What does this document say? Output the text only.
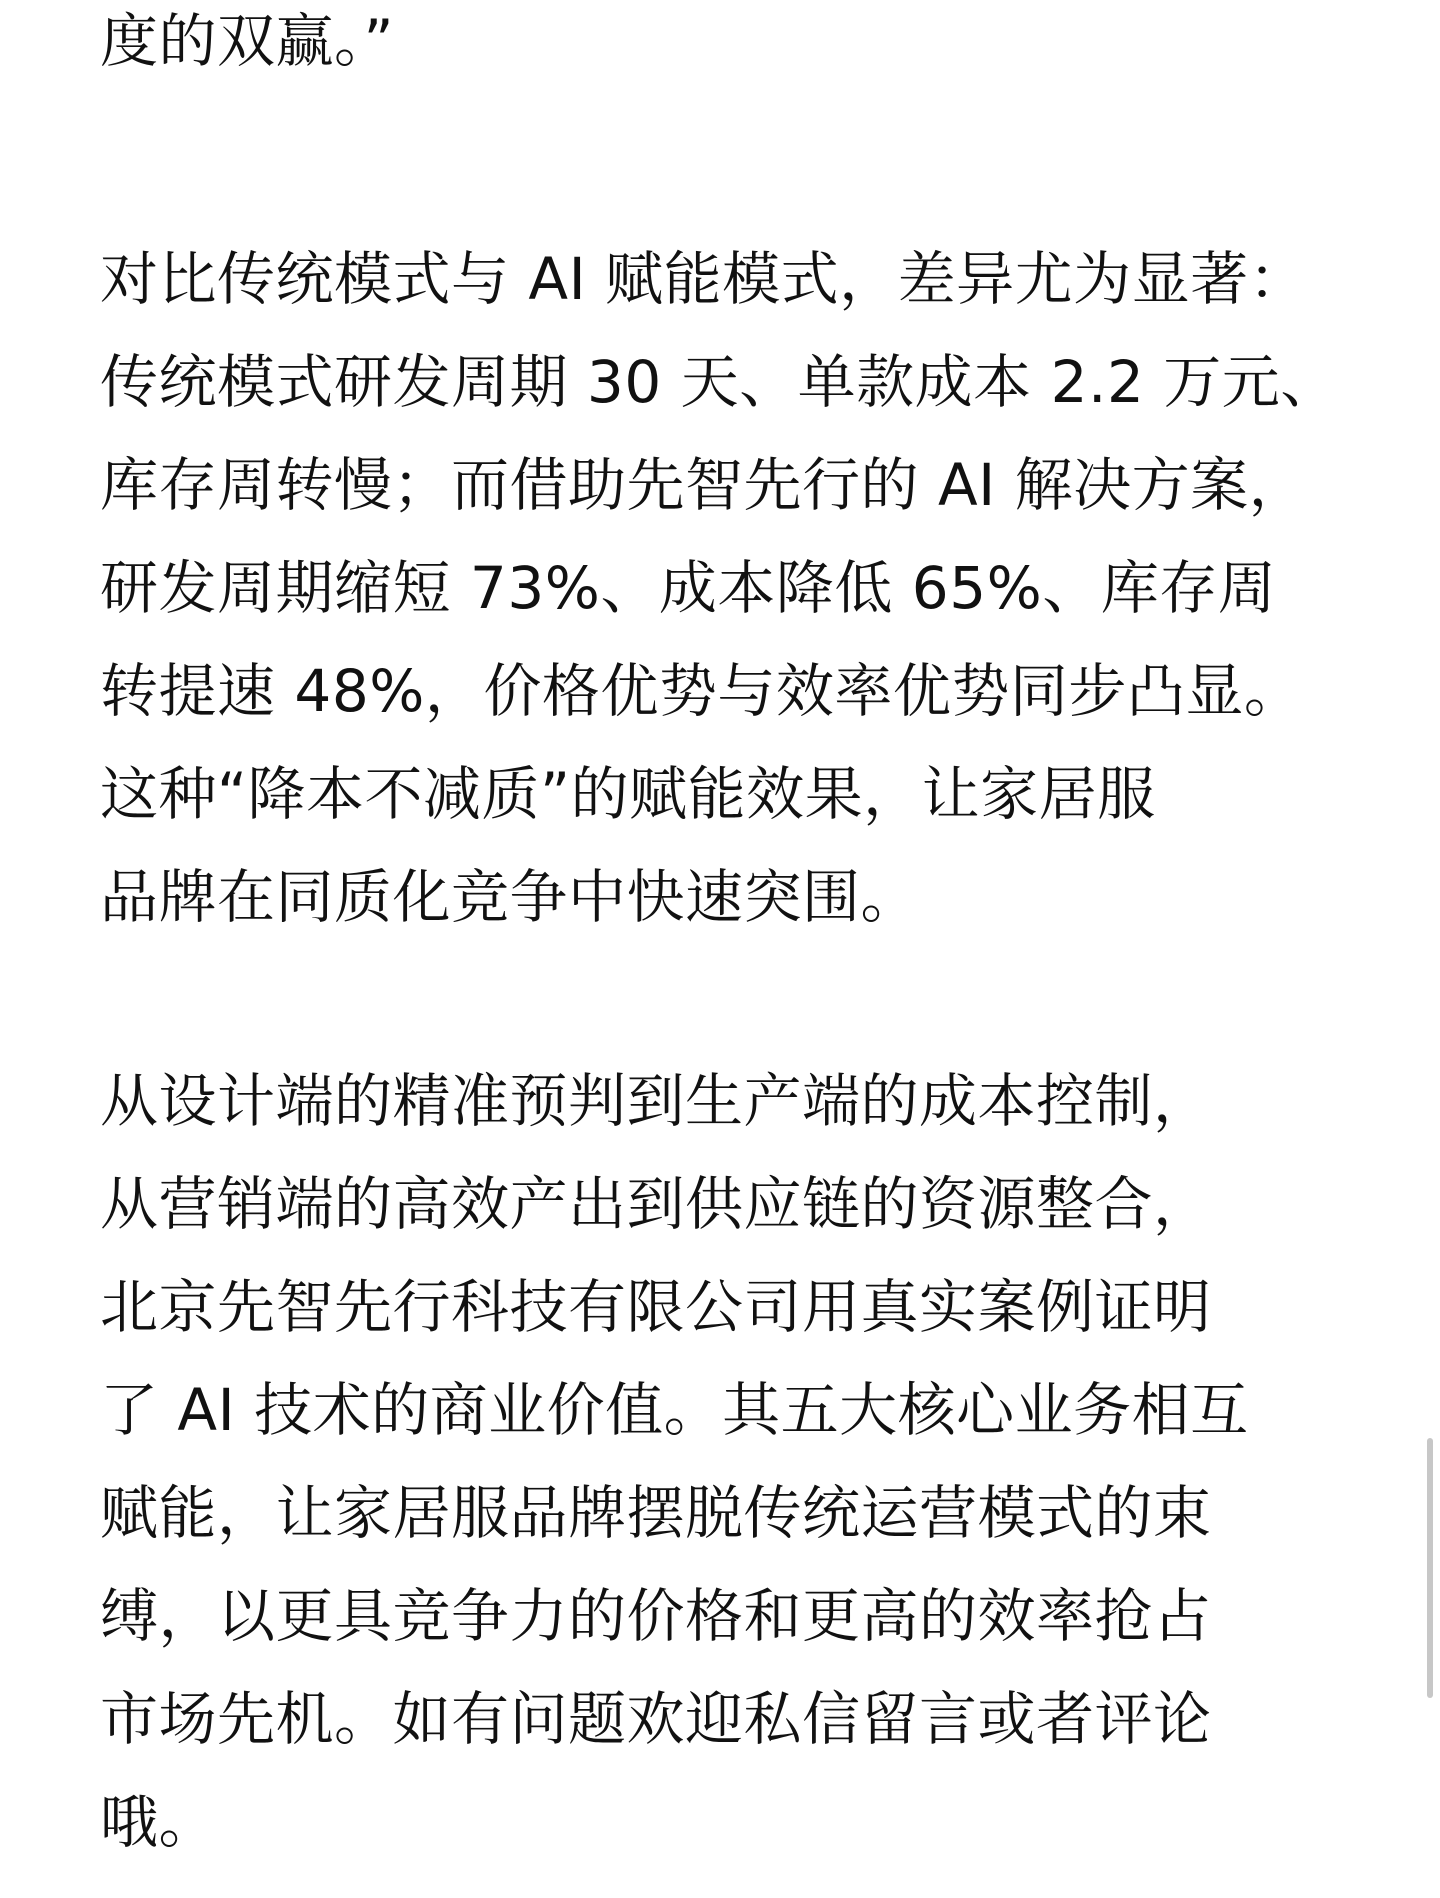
度的双赢。”
对比传统模式与 AI 赋能模式，差异尤为显著：
传统模式研发周期 30 天、单款成本 2.2 万元、
库存周转慢；而借助先智先行的 AI 解决方案，
研发周期缩短 73%、成本降低 65%、库存周
转提速 48%，价格优势与效率优势同步凸显。
这种“降本不减质”的赋能效果，让家居服
品牌在同质化竞争中快速突围。
从设计端的精准预判到生产端的成本控制，
从营销端的高效产出到供应链的资源整合，
北京先智先行科技有限公司用真实案例证明
了 AI 技术的商业价值。其五大核心业务相互
赋能，让家居服品牌摆脱传统运营模式的束
缚，以更具竞争力的价格和更高的效率抢占
市场先机。如有问题欢迎私信留言或者评论
哦。
